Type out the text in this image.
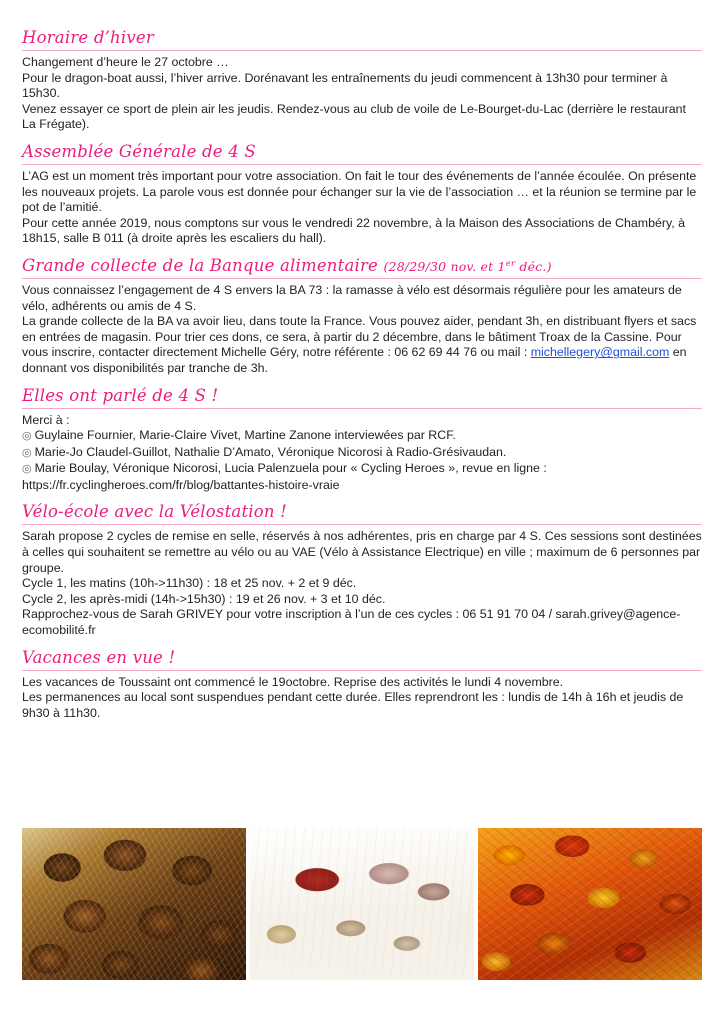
Horaire d’hiver

Changement d’heure le 27 octobre …

Pour le dragon-boat aussi, l’hiver arrive. Dorénavant les entraînements du jeudi commencent à 13h30 pour terminer à 15h30.

Venez essayer ce sport de plein air les jeudis. Rendez-vous au club de voile de Le-Bourget-du-Lac (derrière le restaurant La Frégate).

Assemblée Générale de 4 S

L’AG est un moment très important pour votre association. On fait le tour des événements de l’année écoulée. On présente les nouveaux projets. La parole vous est donnée pour échanger sur la vie de l’association … et la réunion se termine par le pot de l’amitié.

Pour cette année 2019, nous comptons sur vous le vendredi 22 novembre, à la Maison des Associations de Chambéry, à 18h15, salle B 011 (à droite après les escaliers du hall).

Grande collecte de la Banque alimentaire (28/29/30 nov. et 1er déc.)

Vous connaissez l’engagement de 4 S envers la BA 73 : la ramasse à vélo est désormais régulière pour les amateurs de vélo, adhérents ou amis de 4 S.

La grande collecte de la BA va avoir lieu, dans toute la France. Vous pouvez aider, pendant 3h, en distribuant flyers et sacs en entrées de magasin. Pour trier ces dons, ce sera, à partir du 2 décembre, dans le bâtiment Troax de la Cassine. Pour vous inscrire, contacter directement Michelle Géry, notre référente : 06 62 69 44 76 ou mail : michellegery@gmail.com en donnant vos disponibilités par tranche de 3h.

Elles ont parlé de 4 S !

Merci à :

◎ Guylaine Fournier, Marie-Claire Vivet, Martine Zanone interviewées par RCF.

◎ Marie-Jo Claudel-Guillot, Nathalie D’Amato, Véronique Nicorosi à Radio-Grésivaudan.

◎ Marie Boulay, Véronique Nicorosi, Lucia Palenzuela pour « Cycling Heroes », revue en ligne :

https://fr.cyclingheroes.com/fr/blog/battantes-histoire-vraie

Vélo-école avec la Vélostation !

Sarah propose 2 cycles de remise en selle, réservés à nos adhérentes, pris en charge par 4 S. Ces sessions sont destinées à celles qui souhaitent se remettre au vélo ou au VAE (Vélo à Assistance Electrique) en ville ; maximum de 6 personnes par groupe.

Cycle 1, les matins (10h->11h30) : 18 et 25 nov. + 2 et 9 déc.

Cycle 2, les après-midi (14h->15h30) : 19 et 26 nov. + 3 et 10 déc.

Rapprochez-vous de Sarah GRIVEY pour votre inscription à l’un de ces cycles : 06 51 91 70 04 / sarah.grivey@agence-ecomobilité.fr

Vacances en vue !

Les vacances de Toussaint ont commencé le 19octobre. Reprise des activités le lundi 4 novembre.

Les permanences au local sont suspendues pendant cette durée. Elles reprendront les : lundis de 14h à 16h et jeudis de 9h30 à 11h30.
